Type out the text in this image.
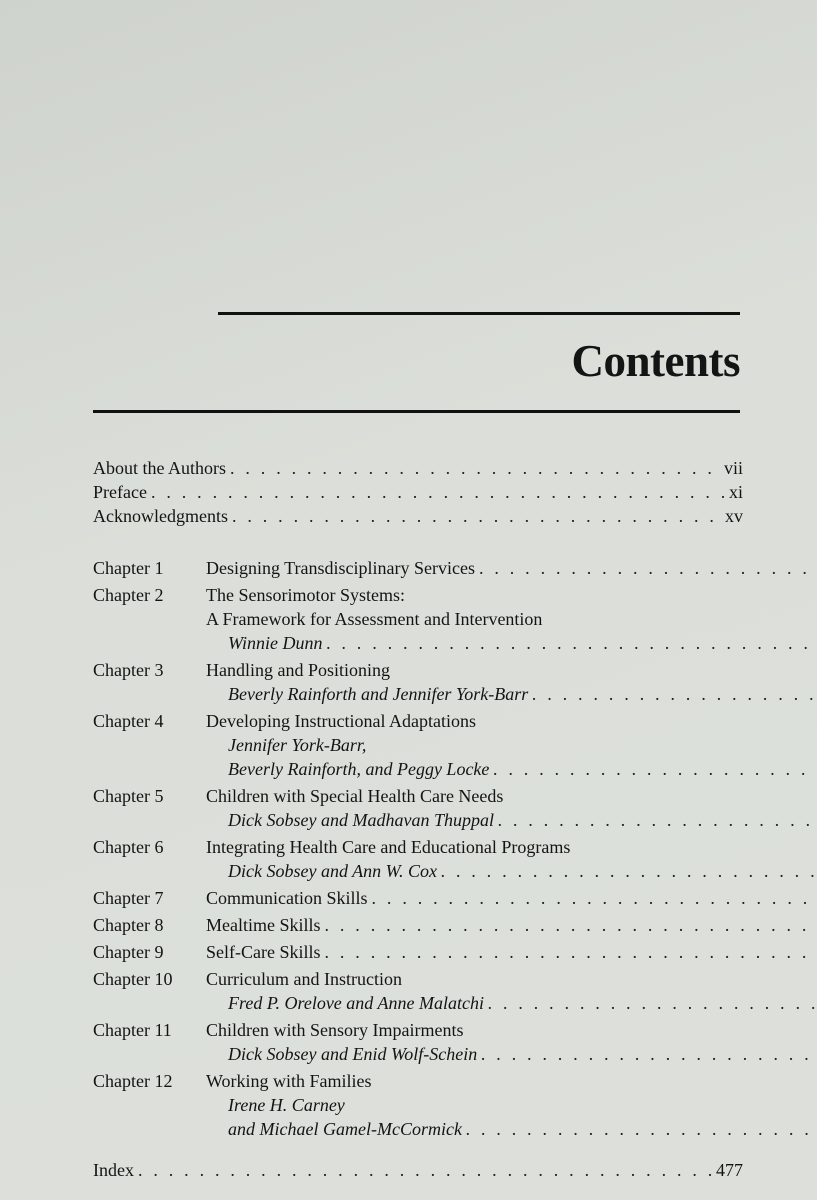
Contents
About the Authors . . .	vii
Preface . . .	xi
Acknowledgments . . .	xv
Chapter 1	Designing Transdisciplinary Services
. . .
Chapter 2	The Sensorimotor Systems:
A Framework for Assessment and Intervention
Winnie Dunn
. . .
Chapter 3	Handling and Positioning
Beverly Rainforth and Jennifer York-Barr
. . .
Chapter 4	Developing Instructional Adaptations
Jennifer York-Barr,
Beverly Rainforth, and Peggy Locke
. . .
Chapter 5	Children with Special Health Care Needs
Dick Sobsey and Madhavan Thuppal
. . .
Chapter 6	Integrating Health Care and Educational Programs
Dick Sobsey and Ann W. Cox
. . .
Chapter 7	Communication Skills
. . .
Chapter 8	Mealtime Skills
. . .
Chapter 9	Self-Care Skills
. . .
Chapter 10	Curriculum and Instruction
Fred P. Orelove and Anne Malatchi
. . .
Chapter 11	Children with Sensory Impairments
Dick Sobsey and Enid Wolf-Schein
. . .
Chapter 12	Working with Families
Irene H. Carney
and Michael Gamel-McCormick
. . .
Index . . .	477
